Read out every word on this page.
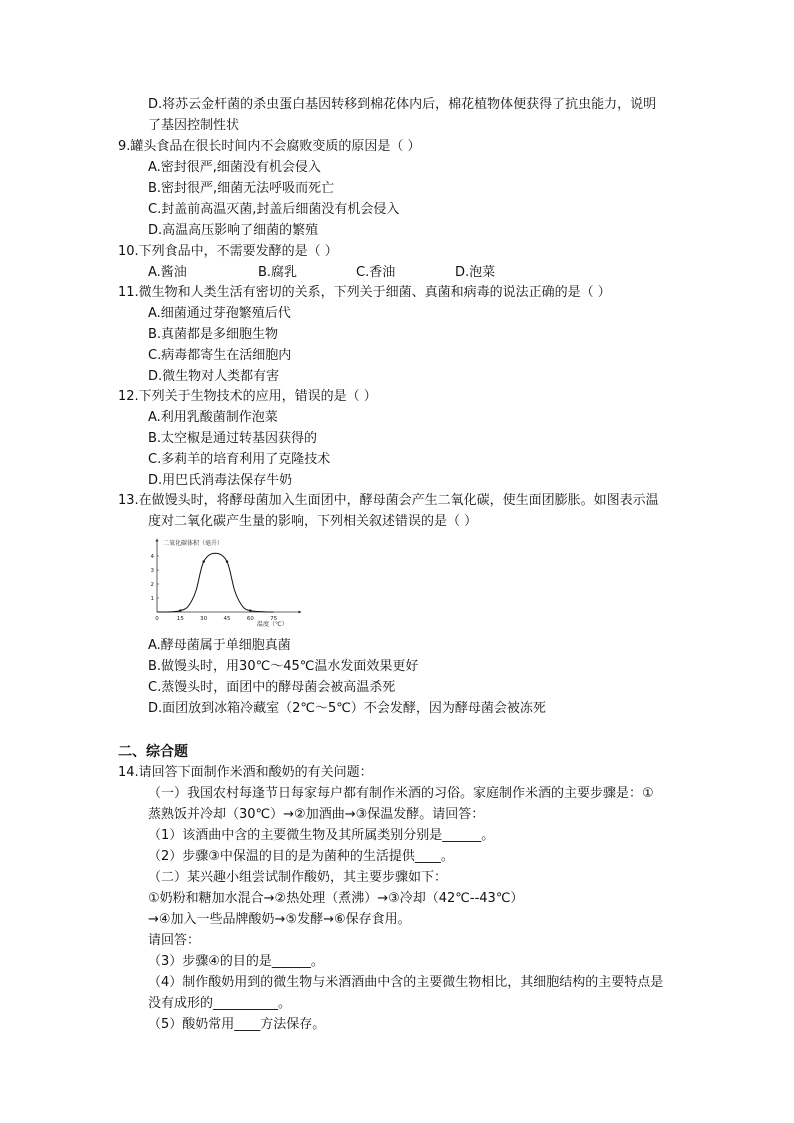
D.将苏云金杆菌的杀虫蛋白基因转移到棉花体内后，棉花植物体便获得了抗虫能力，说明
了基因控制性状
9.罐头食品在很长时间内不会腐败变质的原因是（ ）
A.密封很严,细菌没有机会侵入
B.密封很严,细菌无法呼吸而死亡
C.封盖前高温灭菌,封盖后细菌没有机会侵入
D.高温高压影响了细菌的繁殖
10.下列食品中，不需要发酵的是（ ）
A.酱油	B.腐乳	C.香油	D.泡菜
11.微生物和人类生活有密切的关系，下列关于细菌、真菌和病毒的说法正确的是（ ）
A.细菌通过芽孢繁殖后代
B.真菌都是多细胞生物
C.病毒都寄生在活细胞内
D.微生物对人类都有害
12.下列关于生物技术的应用，错误的是（ ）
A.利用乳酸菌制作泡菜
B.太空椒是通过转基因获得的
C.多莉羊的培育利用了克隆技术
D.用巴氏消毒法保存牛奶
13.在做馒头时，将酵母菌加入生面团中，酵母菌会产生二氧化碳，使生面团膨胀。如图表示温
度对二氧化碳产生量的影响，下列相关叙述错误的是（ ）
二氧化碳体积（毫升）
温度（℃）
0	15	30	45	60	75
1
2
3
4
A.酵母菌属于单细胞真菌
B.做馒头时，用30℃～45℃温水发面效果更好
C.蒸馒头时，面团中的酵母菌会被高温杀死
D.面团放到冰箱冷藏室（2℃～5℃）不会发酵，因为酵母菌会被冻死
二、综合题
14.请回答下面制作米酒和酸奶的有关问题：
（一）我国农村每逢节日每家每户都有制作米酒的习俗。家庭制作米酒的主要步骤是：①
蒸熟饭并冷却（30℃）→②加酒曲→③保温发酵。请回答：
（1）该酒曲中含的主要微生物及其所属类别分别是______。
（2）步骤③中保温的目的是为菌种的生活提供____。
（二）某兴趣小组尝试制作酸奶，其主要步骤如下：
①奶粉和糖加水混合→②热处理（煮沸）→③冷却（42℃--43℃）
→④加入一些品牌酸奶→⑤发酵→⑥保存食用。
请回答：
（3）步骤④的目的是______。
（4）制作酸奶用到的微生物与米酒酒曲中含的主要微生物相比，其细胞结构的主要特点是
没有成形的__________。
（5）酸奶常用____方法保存。
